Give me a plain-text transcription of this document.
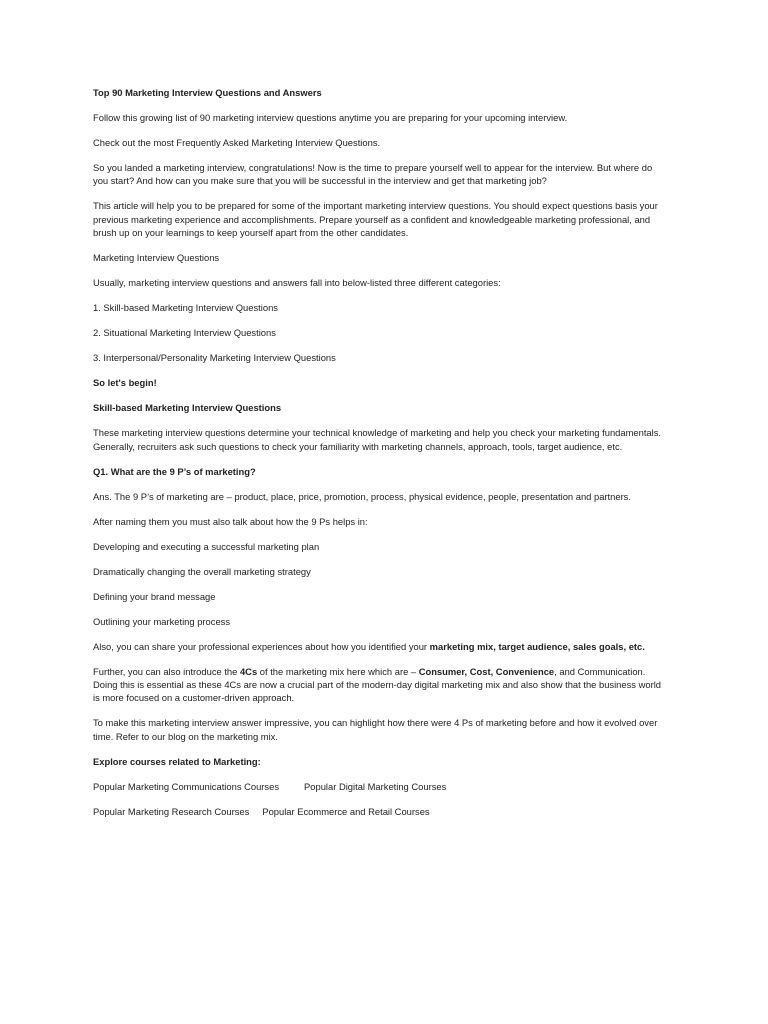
Top 90 Marketing Interview Questions and Answers

Follow this growing list of 90 marketing interview questions anytime you are preparing for your upcoming interview.

Check out the most Frequently Asked Marketing Interview Questions.

So you landed a marketing interview, congratulations! Now is the time to prepare yourself well to appear for the interview. But where do you start? And how can you make sure that you will be successful in the interview and get that marketing job?

This article will help you to be prepared for some of the important marketing interview questions. You should expect questions basis your previous marketing experience and accomplishments. Prepare yourself as a confident and knowledgeable marketing professional, and brush up on your learnings to keep yourself apart from the other candidates.

Marketing Interview Questions

Usually, marketing interview questions and answers fall into below-listed three different categories:

1. Skill-based Marketing Interview Questions

2. Situational Marketing Interview Questions

3. Interpersonal/Personality Marketing Interview Questions

So let's begin!

Skill-based Marketing Interview Questions

These marketing interview questions determine your technical knowledge of marketing and help you check your marketing fundamentals. Generally, recruiters ask such questions to check your familiarity with marketing channels, approach, tools, target audience, etc.

Q1. What are the 9 P’s of marketing?

Ans. The 9 P’s of marketing are – product, place, price, promotion, process, physical evidence, people, presentation and partners.

After naming them you must also talk about how the 9 Ps helps in:

Developing and executing a successful marketing plan

Dramatically changing the overall marketing strategy

Defining your brand message

Outlining your marketing process

Also, you can share your professional experiences about how you identified your marketing mix, target audience, sales goals, etc.

Further, you can also introduce the 4Cs of the marketing mix here which are – Consumer, Cost, Convenience, and Communication. Doing this is essential as these 4Cs are now a crucial part of the modern-day digital marketing mix and also show that the business world is more focused on a customer-driven approach.

To make this marketing interview answer impressive, you can highlight how there were 4 Ps of marketing before and how it evolved over time. Refer to our blog on the marketing mix.

Explore courses related to Marketing:

Popular Marketing Communications Courses	Popular Digital Marketing Courses

Popular Marketing Research Courses Popular Ecommerce and Retail Courses
